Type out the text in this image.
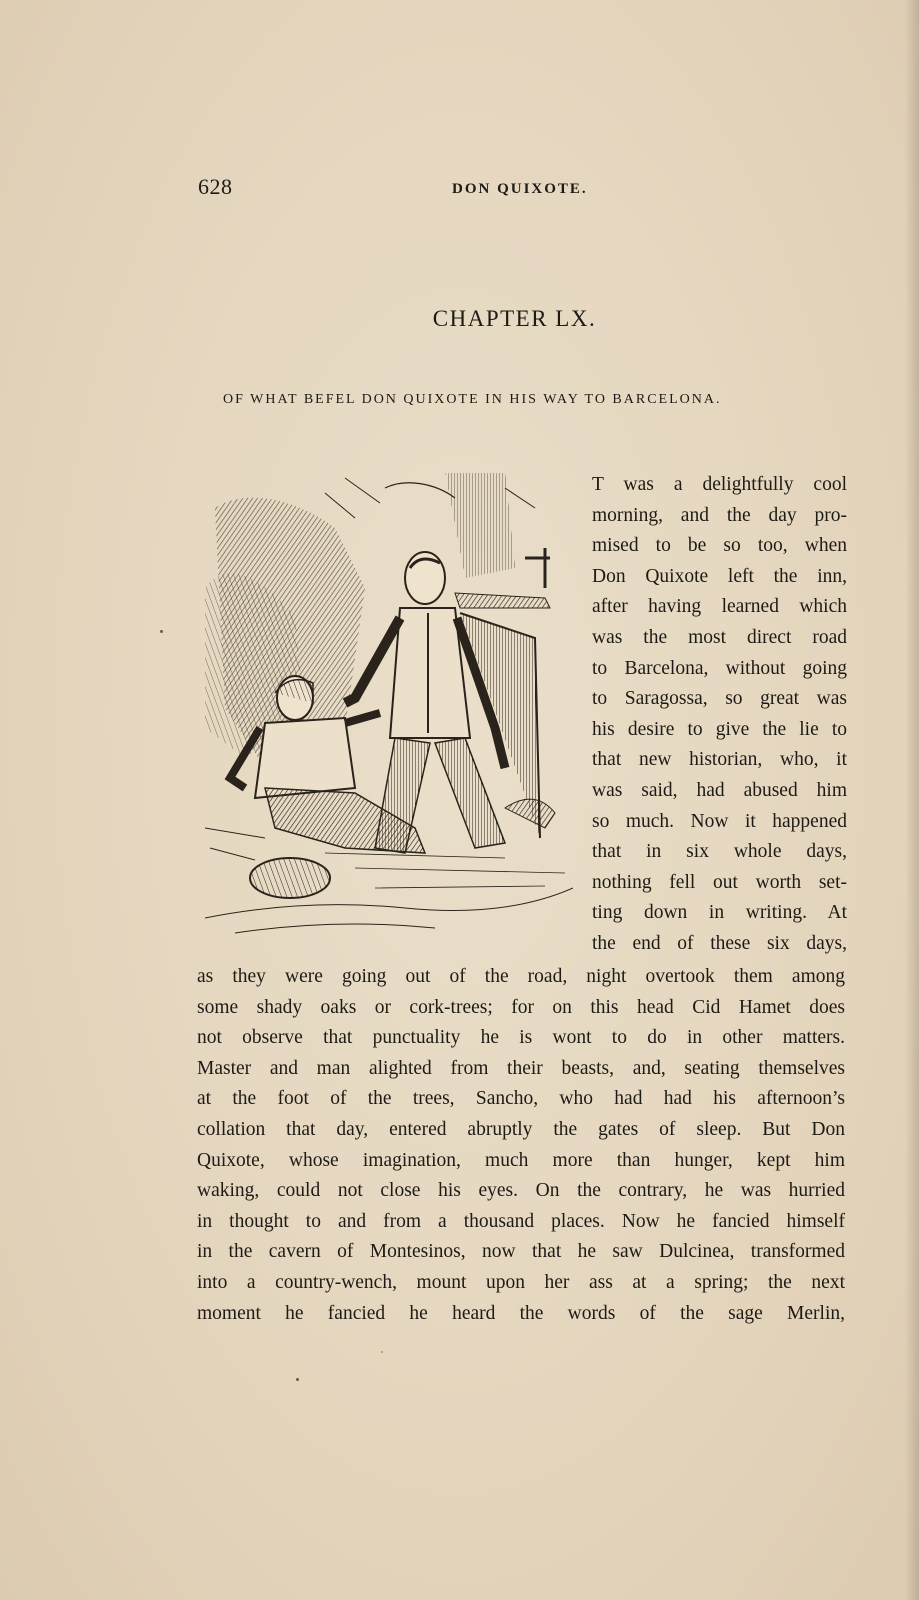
628	DON QUIXOTE.
CHAPTER LX.
OF WHAT BEFEL DON QUIXOTE IN HIS WAY TO BARCELONA.
T was a delightfully cool
morning, and the day pro-
mised to be so too, when
Don Quixote left the inn,
after having learned which
was the most direct road
to Barcelona, without going
to Saragossa, so great was
his desire to give the lie to
that new historian, who, it
was said, had abused him
so much. Now it happened
that in six whole days,
nothing fell out worth set-
ting down in writing. At
the end of these six days,
as they were going out of the road, night overtook them among
some shady oaks or cork-trees; for on this head Cid Hamet does
not observe that punctuality he is wont to do in other matters.
Master and man alighted from their beasts, and, seating themselves
at the foot of the trees, Sancho, who had had his afternoon’s
collation that day, entered abruptly the gates of sleep. But Don
Quixote, whose imagination, much more than hunger, kept him
waking, could not close his eyes. On the contrary, he was hurried
in thought to and from a thousand places. Now he fancied himself
in the cavern of Montesinos, now that he saw Dulcinea, transformed
into a country-wench, mount upon her ass at a spring; the next
moment he fancied he heard the words of the sage Merlin,
